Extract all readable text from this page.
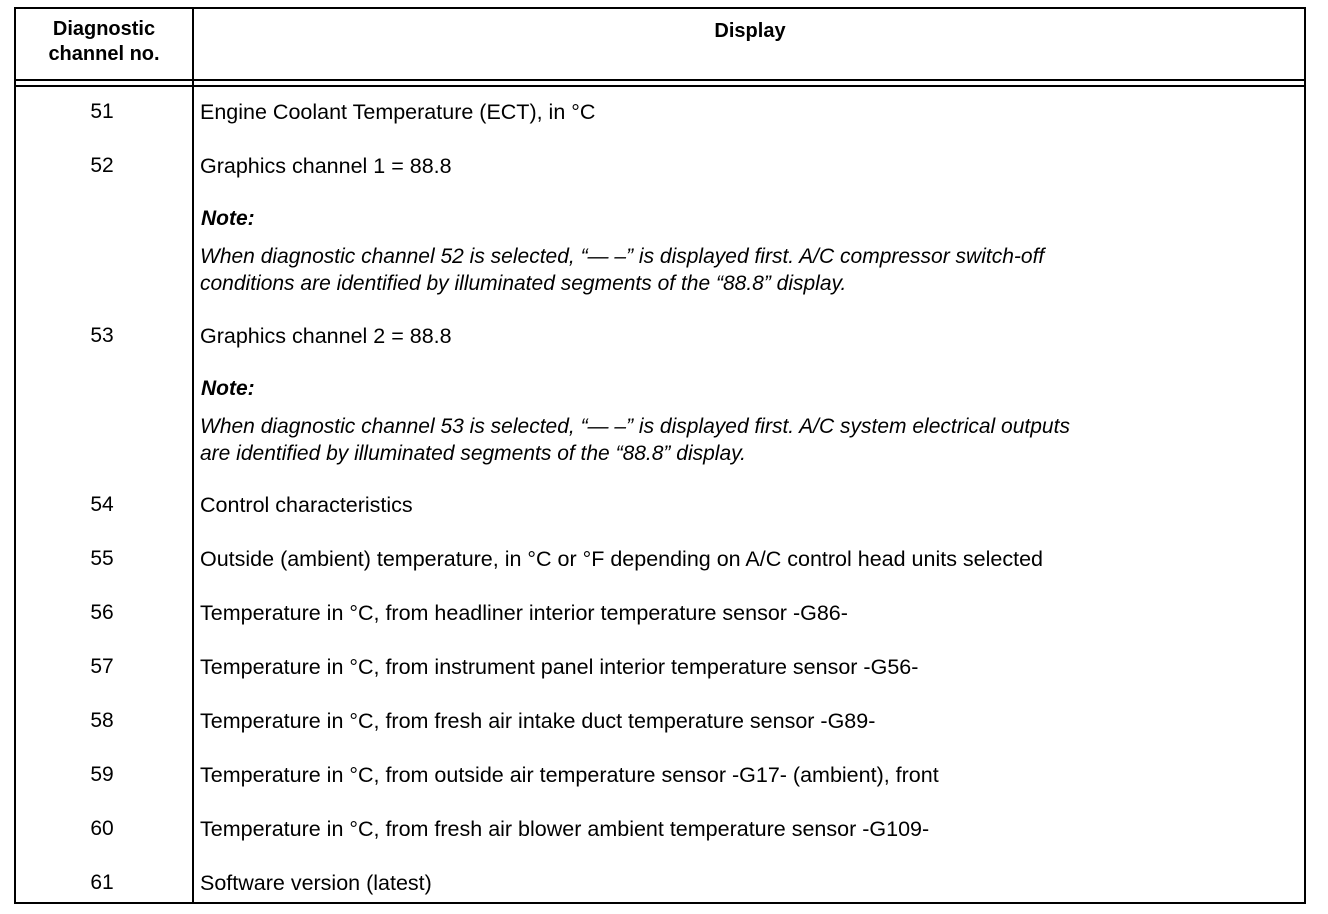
Diagnostic
channel no.
Display
51	Engine Coolant Temperature (ECT), in °C
52	Graphics channel 1 = 88.8
Note:
When diagnostic channel 52 is selected, “— –” is displayed first. A/C compressor switch-off
conditions are identified by illuminated segments of the “88.8” display.
53	Graphics channel 2 = 88.8
Note:
When diagnostic channel 53 is selected, “— –” is displayed first. A/C system electrical outputs
are identified by illuminated segments of the “88.8” display.
54	Control characteristics
55	Outside (ambient) temperature, in °C or °F depending on A/C control head units selected
56	Temperature in °C, from headliner interior temperature sensor -G86-
57	Temperature in °C, from instrument panel interior temperature sensor -G56-
58	Temperature in °C, from fresh air intake duct temperature sensor -G89-
59	Temperature in °C, from outside air temperature sensor -G17- (ambient), front
60	Temperature in °C, from fresh air blower ambient temperature sensor -G109-
61	Software version (latest)
